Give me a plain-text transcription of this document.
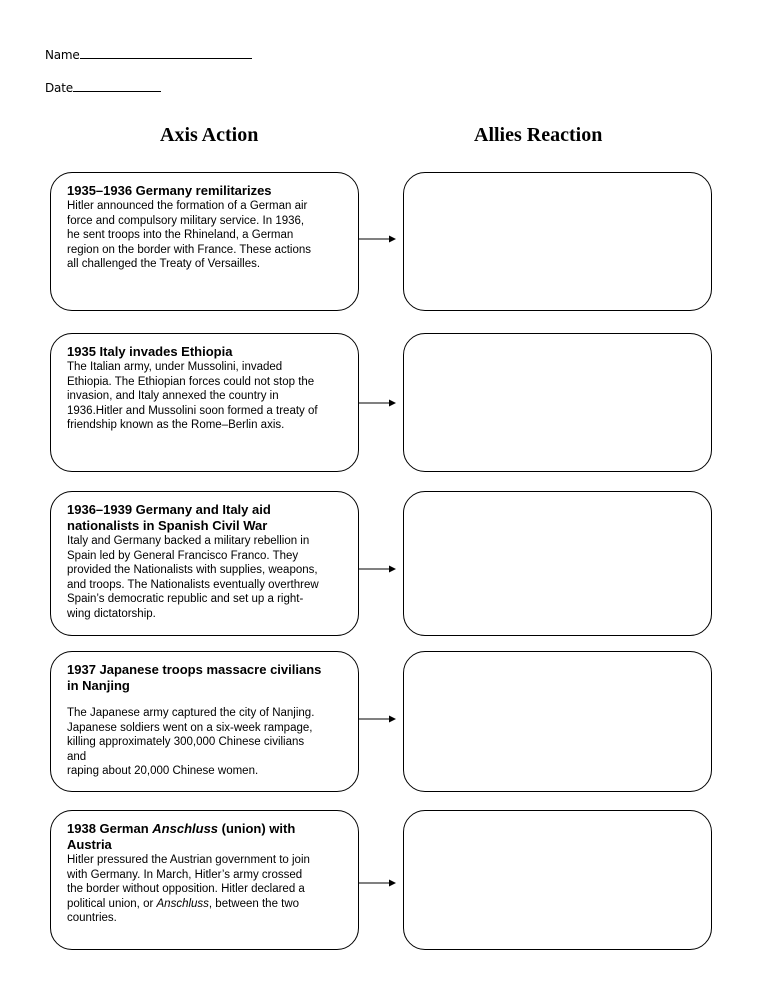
Name
Date
Axis Action	Allies Reaction

1935–1936 Germany remilitarizes

Hitler announced the formation of a German air
force and compulsory military service. In 1936,
he sent troops into the Rhineland, a German
region on the border with France. These actions
all challenged the Treaty of Versailles.

1935 Italy invades Ethiopia

The Italian army, under Mussolini, invaded
Ethiopia. The Ethiopian forces could not stop the
invasion, and Italy annexed the country in
1936.Hitler and Mussolini soon formed a treaty of
friendship known as the Rome–Berlin axis.

1936–1939 Germany and Italy aid
nationalists in Spanish Civil War

Italy and Germany backed a military rebellion in
Spain led by General Francisco Franco. They
provided the Nationalists with supplies, weapons,
and troops. The Nationalists eventually overthrew
Spain’s democratic republic and set up a right-
wing dictatorship.

1937 Japanese troops massacre civilians
in Nanjing

The Japanese army captured the city of Nanjing.
Japanese soldiers went on a six-week rampage,
killing approximately 300,000 Chinese civilians
and
raping about 20,000 Chinese women.

1938 German Anschluss (union) with
Austria

Hitler pressured the Austrian government to join
with Germany. In March, Hitler’s army crossed
the border without opposition. Hitler declared a
political union, or Anschluss, between the two
countries.
